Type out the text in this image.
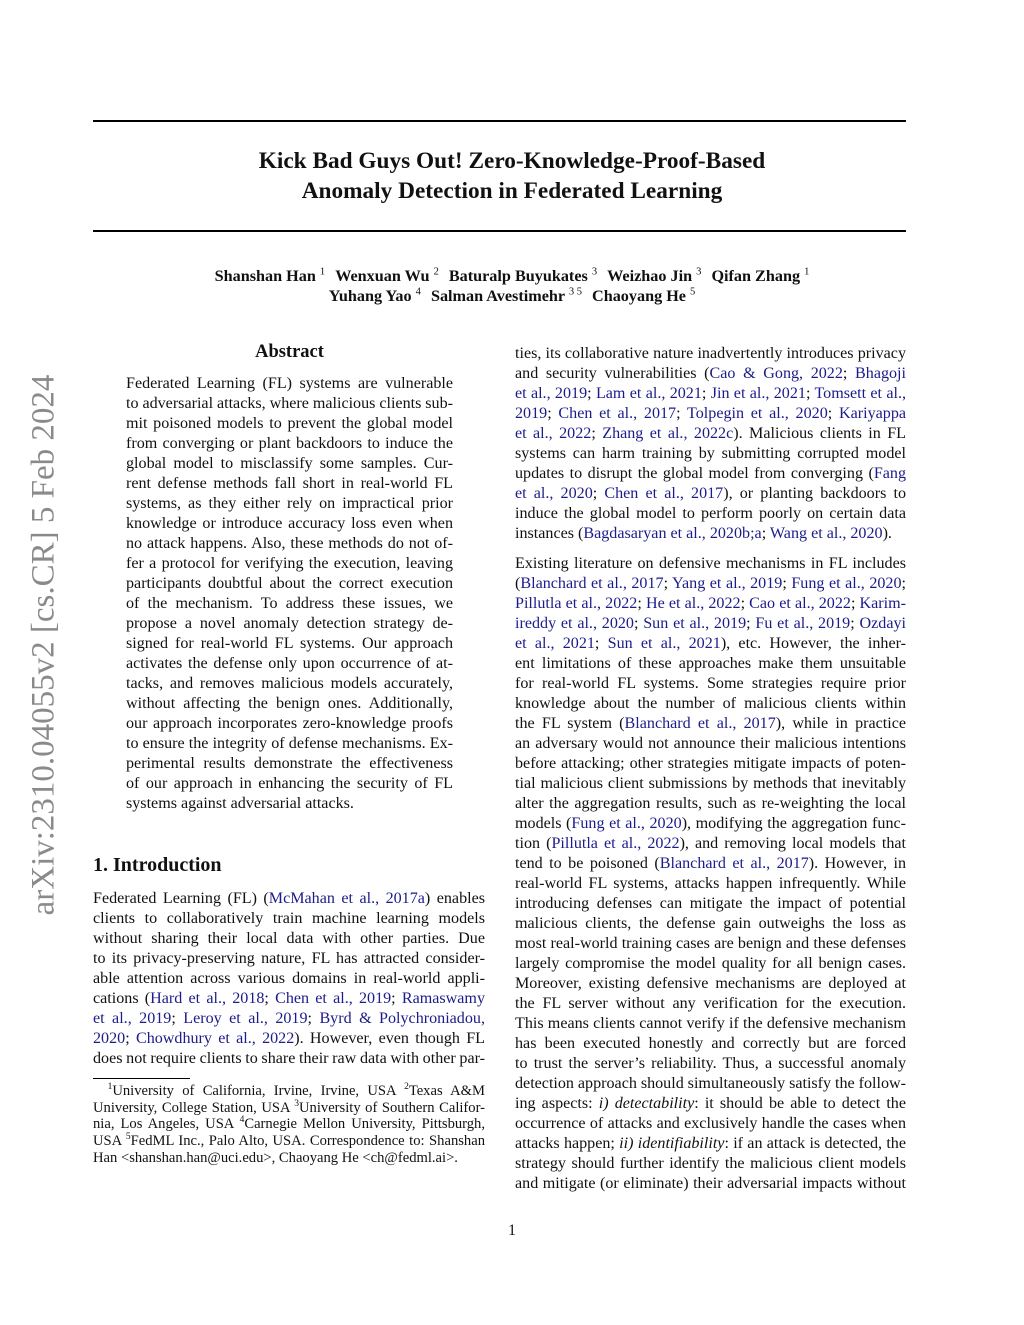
Kick Bad Guys Out! Zero-Knowledge-Proof-Based
Anomaly Detection in Federated Learning
Shanshan Han $^1$ Wenxuan Wu $^2$ Baturalp Buyukates $^3$ Weizhao Jin $^3$ Qifan Zhang $^1$
Yuhang Yao $^4$ Salman Avestimehr $^{3 5}$ Chaoyang He $^5$
arXiv:2310.04055v2 [cs.CR] 5 Feb 2024
Abstract
Federated Learning (FL) systems are vulnerable
to adversarial attacks, where malicious clients sub-
mit poisoned models to prevent the global model
from converging or plant backdoors to induce the
global model to misclassify some samples. Cur-
rent defense methods fall short in real-world FL
systems, as they either rely on impractical prior
knowledge or introduce accuracy loss even when
no attack happens. Also, these methods do not of-
fer a protocol for verifying the execution, leaving
participants doubtful about the correct execution
of the mechanism. To address these issues, we
propose a novel anomaly detection strategy de-
signed for real-world FL systems. Our approach
activates the defense only upon occurrence of at-
tacks, and removes malicious models accurately,
without affecting the benign ones. Additionally,
our approach incorporates zero-knowledge proofs
to ensure the integrity of defense mechanisms. Ex-
perimental results demonstrate the effectiveness
of our approach in enhancing the security of FL
systems against adversarial attacks.
1. Introduction
Federated Learning (FL) (McMahan et al., 2017a) enables
clients to collaboratively train machine learning models
without sharing their local data with other parties. Due
to its privacy-preserving nature, FL has attracted consider-
able attention across various domains in real-world appli-
cations (Hard et al., 2018; Chen et al., 2019; Ramaswamy
et al., 2019; Leroy et al., 2019; Byrd & Polychroniadou,
2020; Chowdhury et al., 2022). However, even though FL
does not require clients to share their raw data with other par-
 $^1$University of California, Irvine, Irvine, USA $^2$Texas A&M
University, College Station, USA $^3$University of Southern Califor-
nia, Los Angeles, USA $^4$Carnegie Mellon University, Pittsburgh,
USA $^5$FedML Inc., Palo Alto, USA. Correspondence to: Shanshan
Han <shanshan.han@uci.edu>, Chaoyang He <ch@fedml.ai>.
ties, its collaborative nature inadvertently introduces privacy
and security vulnerabilities (Cao & Gong, 2022; Bhagoji
et al., 2019; Lam et al., 2021; Jin et al., 2021; Tomsett et al.,
2019; Chen et al., 2017; Tolpegin et al., 2020; Kariyappa
et al., 2022; Zhang et al., 2022c). Malicious clients in FL
systems can harm training by submitting corrupted model
updates to disrupt the global model from converging (Fang
et al., 2020; Chen et al., 2017), or planting backdoors to
induce the global model to perform poorly on certain data
instances (Bagdasaryan et al., 2020b;a; Wang et al., 2020).
Existing literature on defensive mechanisms in FL includes
(Blanchard et al., 2017; Yang et al., 2019; Fung et al., 2020;
Pillutla et al., 2022; He et al., 2022; Cao et al., 2022; Karim-
ireddy et al., 2020; Sun et al., 2019; Fu et al., 2019; Ozdayi
et al., 2021; Sun et al., 2021), etc. However, the inher-
ent limitations of these approaches make them unsuitable
for real-world FL systems. Some strategies require prior
knowledge about the number of malicious clients within
the FL system (Blanchard et al., 2017), while in practice
an adversary would not announce their malicious intentions
before attacking; other strategies mitigate impacts of poten-
tial malicious client submissions by methods that inevitably
alter the aggregation results, such as re-weighting the local
models (Fung et al., 2020), modifying the aggregation func-
tion (Pillutla et al., 2022), and removing local models that
tend to be poisoned (Blanchard et al., 2017). However, in
real-world FL systems, attacks happen infrequently. While
introducing defenses can mitigate the impact of potential
malicious clients, the defense gain outweighs the loss as
most real-world training cases are benign and these defenses
largely compromise the model quality for all benign cases.
Moreover, existing defensive mechanisms are deployed at
the FL server without any verification for the execution.
This means clients cannot verify if the defensive mechanism
has been executed honestly and correctly but are forced
to trust the server’s reliability. Thus, a successful anomaly
detection approach should simultaneously satisfy the follow-
ing aspects: i) detectability: it should be able to detect the
occurrence of attacks and exclusively handle the cases when
attacks happen; ii) identifiability: if an attack is detected, the
strategy should further identify the malicious client models
and mitigate (or eliminate) their adversarial impacts without
1
